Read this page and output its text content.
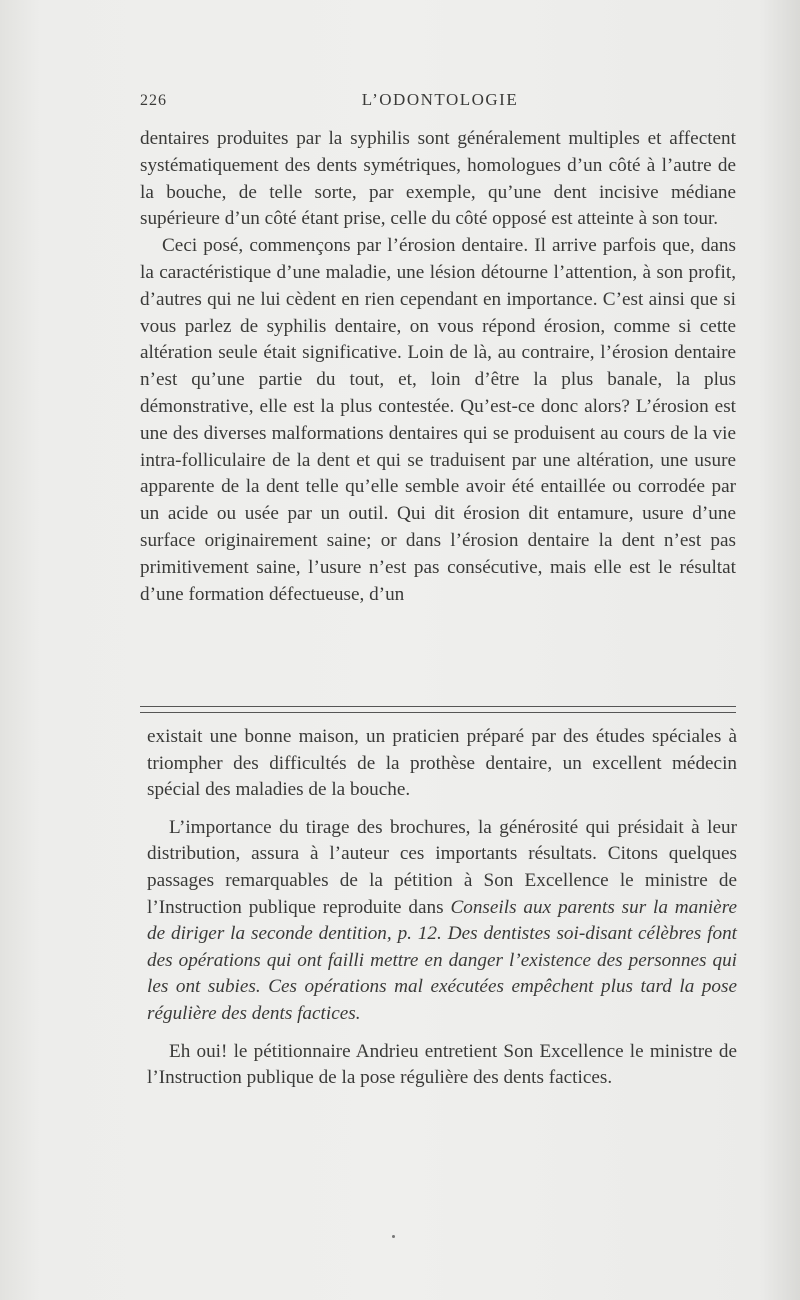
226	L’ODONTOLOGIE

dentaires produites par la syphilis sont généralement multiples et affectent systématiquement des dents symétriques, homologues d’un côté à l’autre de la bouche, de telle sorte, par exemple, qu’une dent incisive médiane supérieure d’un côté étant prise, celle du côté opposé est atteinte à son tour.

Ceci posé, commençons par l’érosion dentaire. Il arrive parfois que, dans la caractéristique d’une maladie, une lésion détourne l’attention, à son profit, d’autres qui ne lui cèdent en rien cependant en importance. C’est ainsi que si vous parlez de syphilis dentaire, on vous répond érosion, comme si cette altération seule était significative. Loin de là, au contraire, l’érosion dentaire n’est qu’une partie du tout, et, loin d’être la plus banale, la plus démonstrative, elle est la plus contestée. Qu’est-ce donc alors? L’érosion est une des diverses malformations dentaires qui se produisent au cours de la vie intra-folliculaire de la dent et qui se traduisent par une altération, une usure apparente de la dent telle qu’elle semble avoir été entaillée ou corrodée par un acide ou usée par un outil. Qui dit érosion dit entamure, usure d’une surface originairement saine; or dans l’érosion dentaire la dent n’est pas primitivement saine, l’usure n’est pas consécutive, mais elle est le résultat d’une formation défectueuse, d’un

existait une bonne maison, un praticien préparé par des études spéciales à triompher des difficultés de la prothèse dentaire, un excellent médecin spécial des maladies de la bouche.

L’importance du tirage des brochures, la générosité qui présidait à leur distribution, assura à l’auteur ces importants résultats. Citons quelques passages remarquables de la pétition à Son Excellence le ministre de l’Instruction publique reproduite dans Conseils aux parents sur la manière de diriger la seconde dentition, p. 12. Des dentistes soi-disant célèbres font des opérations qui ont failli mettre en danger l’existence des personnes qui les ont subies. Ces opérations mal exécutées empêchent plus tard la pose régulière des dents factices.

Eh oui! le pétitionnaire Andrieu entretient Son Excellence le ministre de l’Instruction publique de la pose régulière des dents factices.
